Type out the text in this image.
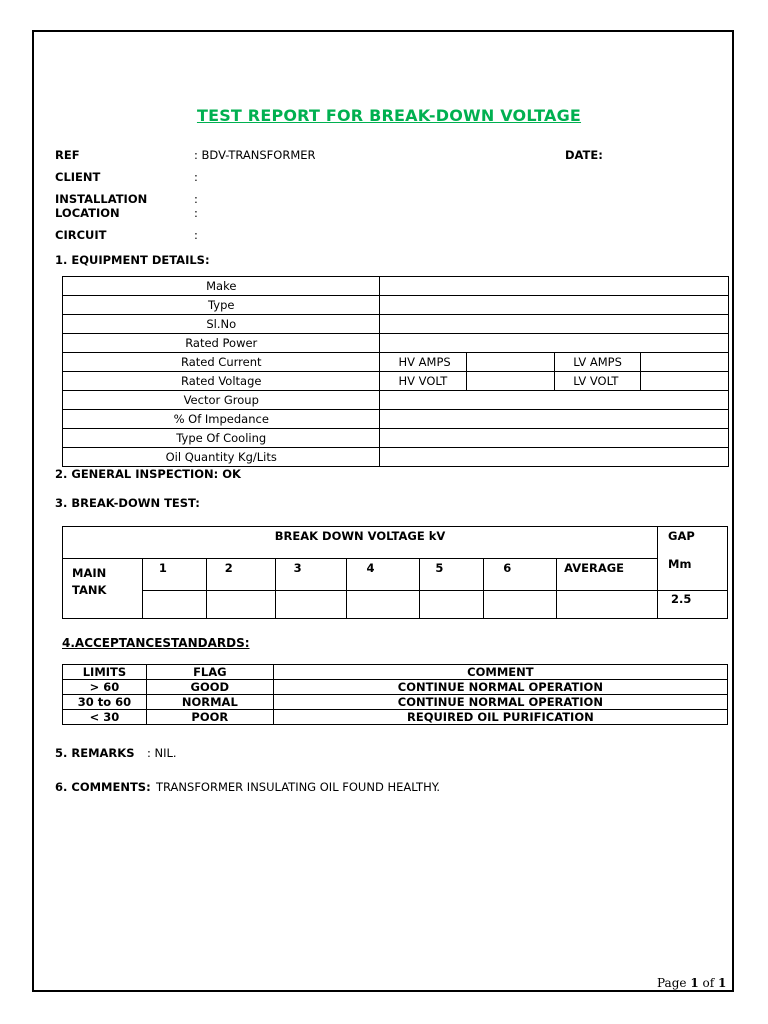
TEST REPORT FOR BREAK-DOWN VOLTAGE
REF	: BDV-TRANSFORMER	DATE:
CLIENT	:
INSTALLATION	:
LOCATION	:
CIRCUIT	:
1. EQUIPMENT DETAILS:
Make				
Type				
Sl.No				
Rated Power				
Rated Current	HV AMPS		LV AMPS	
Rated Voltage	HV VOLT		LV VOLT	
Vector Group				
% Of Impedance				
Type Of Cooling				
Oil Quantity Kg/Lits				
2. GENERAL INSPECTION: OK
3. BREAK-DOWN TEST:
BREAK DOWN VOLTAGE kV								GAP
Mm

MAIN
TANK	1	2	3	4	5	6	AVERAGE	
								2.5
4.ACCEPTANCESTANDARDS:
LIMITS	FLAG	COMMENT
> 60	GOOD	CONTINUE NORMAL OPERATION
30 to 60	NORMAL	CONTINUE NORMAL OPERATION
< 30	POOR	REQUIRED OIL PURIFICATION
5. REMARKS : NIL.
6. COMMENTS: TRANSFORMER INSULATING OIL FOUND HEALTHY.
Page 1 of 1
